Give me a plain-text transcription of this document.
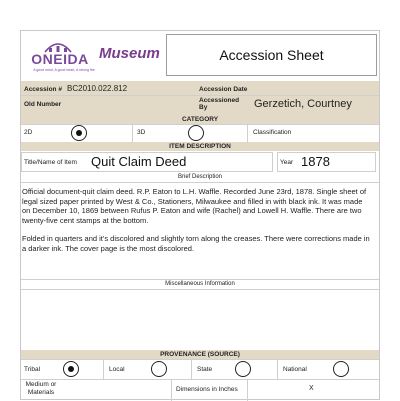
ONEIDA
A good mind, A good heart, A strong fire
Museum	Accession Sheet
Accession # BC2010.022.812	Accession Date
Old Number
Accessioned By	Gerzetich, Courtney
CATEGORY
2D	3D	Classification
ITEM DESCRIPTION
Title/Name of Item Quit Claim Deed	Year 1878
Brief Description

Official document-quit claim deed. R.P. Eaton to L.H. Waffle. Recorded June 23rd, 1878. Single sheet of legal sized paper printed by West & Co., Stationers, Milwaukee and filled in with black ink. It was made on December 10, 1869 between Rufus P. Eaton and wife (Rachel) and Lowell H. Waffle. There are two twenty-five cent stamps at the bottom.

Folded in quarters and it's discolored and slightly torn along the creases. There were corrections made in a darker ink. The cover page is the most discolored.

Miscellaneous Information
PROVENANCE (SOURCE)
Tribal	Local	State	National
Medium or Materials	Dimensions in Inches	X
